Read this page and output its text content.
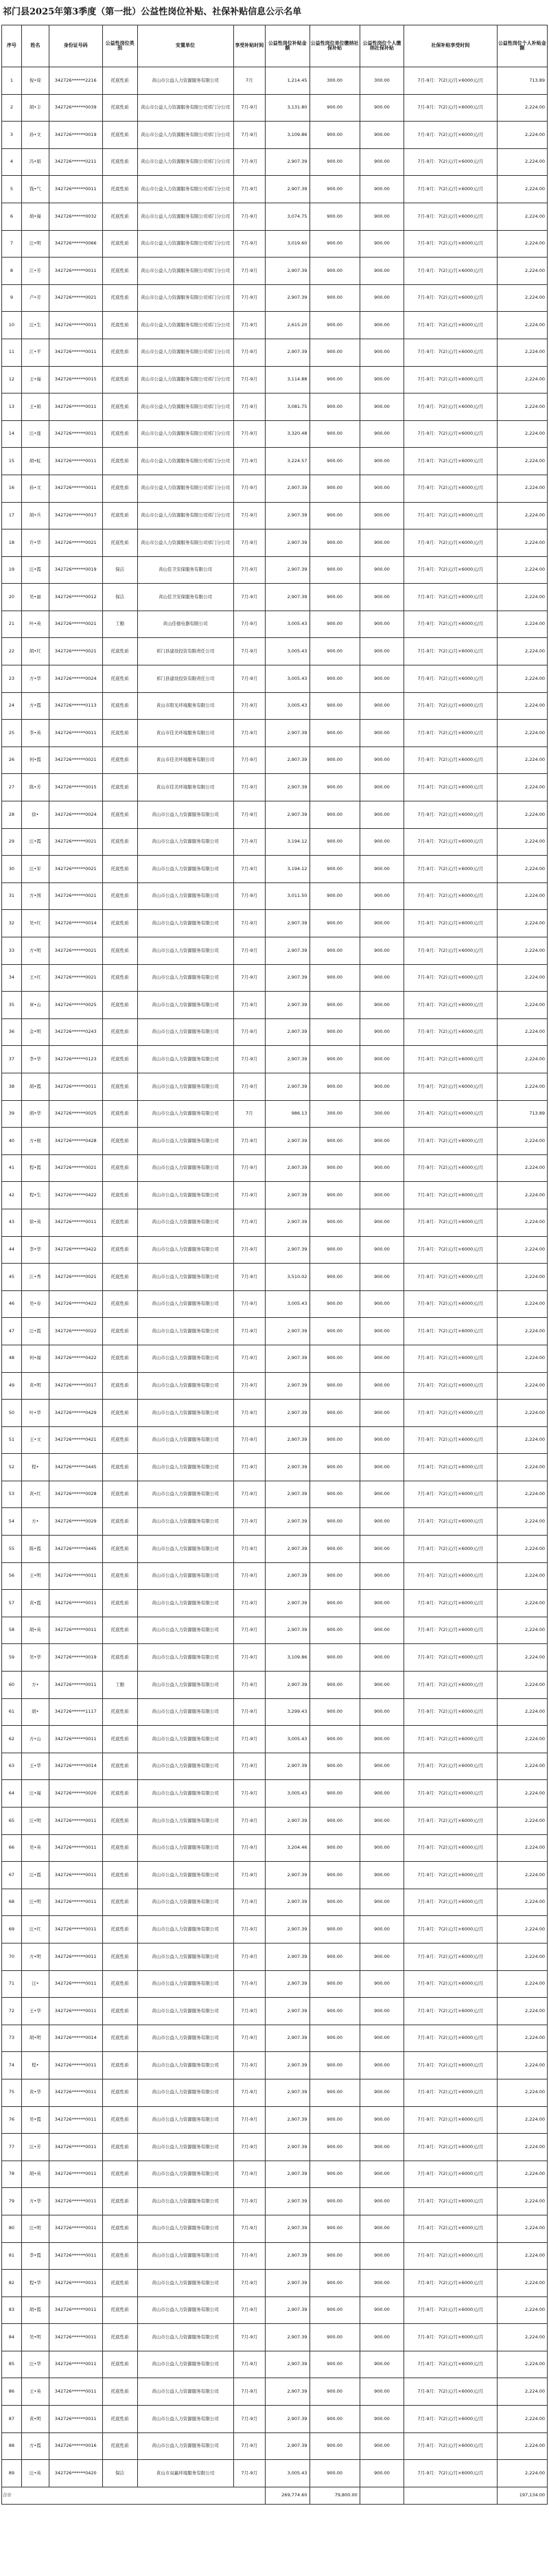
祁门县2025年第3季度（第一批）公益性岗位补贴、社保补贴信息公示名单
序号	姓名	身份证号码	公益性岗位类别	安置单位	享受补贴时间	公益性岗位补贴金额	公益性岗位单位缴纳社保补贴	公益性岗位个人缴纳社保补贴	社保补贴享受时间	公益性岗位个人补贴金额
1	倪•琼	342726******2216	托底性质	黄山市公益人力资源服务有限公司	7月	1,214.45	300.00	300.00	7月-9月：7(2)元/月×6000元/月	713.89
2	胡•丰	342726******0039	托底性质	黄山市公益人力资源服务有限公司祁门分公司	7月-9月	3,131.80	900.00	900.00	7月-9月：7(2)元/月×6000元/月	2,224.00
3	孙•文	342726******0019	托底性质	黄山市公益人力资源服务有限公司祁门分公司	7月-9月	3,109.86	900.00	900.00	7月-9月：7(2)元/月×6000元/月	2,224.00
4	冯•娟	342726******0211	托底性质	黄山市公益人力资源服务有限公司祁门分公司	7月-9月	2,907.39	900.00	900.00	7月-9月：7(2)元/月×6000元/月	2,224.00
5	钱•气	342726******0011	托底性质	黄山市公益人力资源服务有限公司祁门分公司	7月-9月	2,907.39	900.00	900.00	7月-9月：7(2)元/月×6000元/月	2,224.00
6	胡•福	342726******0032	托底性质	黄山市公益人力资源服务有限公司祁门分公司	7月-9月	3,074.75	900.00	900.00	7月-9月：7(2)元/月×6000元/月	2,224.00
7	汪•明	342726******0066	托底性质	黄山市公益人力资源服务有限公司祁门分公司	7月-9月	3,019.60	900.00	900.00	7月-9月：7(2)元/月×6000元/月	2,224.00
8	江•芳	342726******0011	托底性质	黄山市公益人力资源服务有限公司祁门分公司	7月-9月	2,907.39	900.00	900.00	7月-9月：7(2)元/月×6000元/月	2,224.00
9	卢•芳	342726******0021	托底性质	黄山市公益人力资源服务有限公司祁门分公司	7月-9月	2,907.39	900.00	900.00	7月-9月：7(2)元/月×6000元/月	2,224.00
10	汪•生	342726******0011	托底性质	黄山市公益人力资源服务有限公司祁门分公司	7月-9月	2,615.20	900.00	900.00	7月-9月：7(2)元/月×6000元/月	2,224.00
11	江•平	342726******0011	托底性质	黄山市公益人力资源服务有限公司祁门分公司	7月-9月	2,907.39	900.00	900.00	7月-9月：7(2)元/月×6000元/月	2,224.00
12	王•福	342726******0015	托底性质	黄山市公益人力资源服务有限公司祁门分公司	7月-9月	3,114.88	900.00	900.00	7月-9月：7(2)元/月×6000元/月	2,224.00
13	王•娟	342726******0011	托底性质	黄山市公益人力资源服务有限公司祁门分公司	7月-9月	3,081.75	900.00	900.00	7月-9月：7(2)元/月×6000元/月	2,224.00
14	汪•莲	342726******0011	托底性质	黄山市公益人力资源服务有限公司祁门分公司	7月-9月	3,320.48	900.00	900.00	7月-9月：7(2)元/月×6000元/月	2,224.00
15	胡•虹	342726******0011	托底性质	黄山市公益人力资源服务有限公司祁门分公司	7月-9月	3,224.57	900.00	900.00	7月-9月：7(2)元/月×6000元/月	2,224.00
16	孙•文	342726******0011	托底性质	黄山市公益人力资源服务有限公司祁门分公司	7月-9月	2,907.39	900.00	900.00	7月-9月：7(2)元/月×6000元/月	2,224.00
17	胡•兵	342726******0017	托底性质	黄山市公益人力资源服务有限公司祁门分公司	7月-9月	2,907.39	900.00	900.00	7月-9月：7(2)元/月×6000元/月	2,224.00
18	许•华	342726******0021	托底性质	黄山市公益人力资源服务有限公司祁门分公司	7月-9月	2,907.39	900.00	900.00	7月-9月：7(2)元/月×6000元/月	2,224.00
19	汪•霞	342726******0019	保洁	黄山佳卫安保服务有限公司	7月-9月	2,907.39	900.00	900.00	7月-9月：7(2)元/月×6000元/月	2,224.00
20	吴•丽	342726******0012	保洁	黄山佳卫安保服务有限公司	7月-9月	2,907.39	900.00	900.00	7月-9月：7(2)元/月×6000元/月	2,224.00
21	叶•英	342726******0021	工勤	黄山佳德电器有限公司	7月-9月	3,005.43	900.00	900.00	7月-9月：7(2)元/月×6000元/月	2,224.00
22	胡•红	342726******0021	托底性质	祁门县建设投资有限责任公司	7月-9月	3,005.43	900.00	900.00	7月-9月：7(2)元/月×6000元/月	2,224.00
23	方•华	342726******0024	托底性质	祁门县建设投资有限责任公司	7月-9月	3,005.43	900.00	900.00	7月-9月：7(2)元/月×6000元/月	2,224.00
24	方•霞	342726******0113	托底性质	黄山市阳光环境服务有限公司	7月-9月	3,005.43	900.00	900.00	7月-9月：7(2)元/月×6000元/月	2,224.00
25	李•英	342726******0011	托底性质	黄山市佳美环境服务有限公司	7月-9月	2,907.39	900.00	900.00	7月-9月：7(2)元/月×6000元/月	2,224.00
26	何•霞	342726******0021	托底性质	黄山市佳美环境服务有限公司	7月-9月	2,907.39	900.00	900.00	7月-9月：7(2)元/月×6000元/月	2,224.00
27	陈•芳	342726******0015	托底性质	黄山市佳美环境服务有限公司	7月-9月	2,907.39	900.00	900.00	7月-9月：7(2)元/月×6000元/月	2,224.00
28	徐•	342726******0024	托底性质	黄山市公益人力资源服务有限公司	7月-9月	2,907.39	900.00	900.00	7月-9月：7(2)元/月×6000元/月	2,224.00
29	汪•霞	342726******0021	托底性质	黄山市公益人力资源服务有限公司	7月-9月	3,194.12	900.00	900.00	7月-9月：7(2)元/月×6000元/月	2,224.00
30	汪•军	342726******0021	托底性质	黄山市公益人力资源服务有限公司	7月-9月	3,194.12	900.00	900.00	7月-9月：7(2)元/月×6000元/月	2,224.00
31	方•国	342726******0021	托底性质	黄山市公益人力资源服务有限公司	7月-9月	3,011.50	900.00	900.00	7月-9月：7(2)元/月×6000元/月	2,224.00
32	吴•红	342726******0014	托底性质	黄山市公益人力资源服务有限公司	7月-9月	2,907.39	900.00	900.00	7月-9月：7(2)元/月×6000元/月	2,224.00
33	方•明	342726******0021	托底性质	黄山市公益人力资源服务有限公司	7月-9月	2,907.39	900.00	900.00	7月-9月：7(2)元/月×6000元/月	2,224.00
34	王•红	342726******0021	托底性质	黄山市公益人力资源服务有限公司	7月-9月	2,907.39	900.00	900.00	7月-9月：7(2)元/月×6000元/月	2,224.00
35	章•山	342726******0025	托底性质	黄山市公益人力资源服务有限公司	7月-9月	2,907.39	900.00	900.00	7月-9月：7(2)元/月×6000元/月	2,224.00
36	金•明	342726******0243	托底性质	黄山市公益人力资源服务有限公司	7月-9月	2,907.39	900.00	900.00	7月-9月：7(2)元/月×6000元/月	2,224.00
37	李•华	342726******0123	托底性质	黄山市公益人力资源服务有限公司	7月-9月	2,907.39	900.00	900.00	7月-9月：7(2)元/月×6000元/月	2,224.00
38	胡•霞	342726******0011	托底性质	黄山市公益人力资源服务有限公司	7月-9月	2,907.39	900.00	900.00	7月-9月：7(2)元/月×6000元/月	2,224.00
39	胡•华	342726******0025	托底性质	黄山市公益人力资源服务有限公司	7月	986.13	300.00	300.00	7月-8月：7(2)元/月×6000元/月	713.89
40	方•根	342726******0428	托底性质	黄山市公益人力资源服务有限公司	7月-9月	2,907.39	900.00	900.00	7月-9月：7(2)元/月×6000元/月	2,224.00
41	程•霞	342726******0021	托底性质	黄山市公益人力资源服务有限公司	7月-9月	2,907.39	900.00	900.00	7月-9月：7(2)元/月×6000元/月	2,224.00
42	程•生	342726******0422	托底性质	黄山市公益人力资源服务有限公司	7月-9月	2,907.39	900.00	900.00	7月-9月：7(2)元/月×6000元/月	2,224.00
43	徐•英	342726******0011	托底性质	黄山市公益人力资源服务有限公司	7月-9月	2,907.39	900.00	900.00	7月-9月：7(2)元/月×6000元/月	2,224.00
44	李•华	342726******0422	托底性质	黄山市公益人力资源服务有限公司	7月-9月	2,907.39	900.00	900.00	7月-9月：7(2)元/月×6000元/月	2,224.00
45	江•秀	342726******0021	托底性质	黄山市公益人力资源服务有限公司	7月-9月	3,510.02	900.00	900.00	7月-9月：7(2)元/月×6000元/月	2,224.00
46	吴•春	342726******0422	托底性质	黄山市公益人力资源服务有限公司	7月-9月	3,005.43	900.00	900.00	7月-9月：7(2)元/月×6000元/月	2,224.00
47	汪•霞	342726******0022	托底性质	黄山市公益人力资源服务有限公司	7月-9月	2,907.39	900.00	900.00	7月-9月：7(2)元/月×6000元/月	2,224.00
48	何•福	342726******0422	托底性质	黄山市公益人力资源服务有限公司	7月-9月	2,907.39	900.00	900.00	7月-9月：7(2)元/月×6000元/月	2,224.00
49	黄•明	342726******0017	托底性质	黄山市公益人力资源服务有限公司	7月-9月	2,907.39	900.00	900.00	7月-9月：7(2)元/月×6000元/月	2,224.00
50	叶•华	342726******0429	托底性质	黄山市公益人力资源服务有限公司	7月-9月	2,907.39	900.00	900.00	7月-9月：7(2)元/月×6000元/月	2,224.00
51	王•文	342726******0421	托底性质	黄山市公益人力资源服务有限公司	7月-9月	2,907.39	900.00	900.00	7月-9月：7(2)元/月×6000元/月	2,224.00
52	程•	342726******0445	托底性质	黄山市公益人力资源服务有限公司	7月-9月	2,907.39	900.00	900.00	7月-9月：7(2)元/月×6000元/月	2,224.00
53	黄•红	342726******0028	托底性质	黄山市公益人力资源服务有限公司	7月-9月	2,907.39	900.00	900.00	7月-9月：7(2)元/月×6000元/月	2,224.00
54	方•	342726******0029	托底性质	黄山市公益人力资源服务有限公司	7月-9月	2,907.39	900.00	900.00	7月-9月：7(2)元/月×6000元/月	2,224.00
55	陈•霞	342726******0445	托底性质	黄山市公益人力资源服务有限公司	7月-9月	2,907.39	900.00	900.00	7月-9月：7(2)元/月×6000元/月	2,224.00
56	王•明	342726******0011	托底性质	黄山市公益人力资源服务有限公司	7月-9月	2,907.39	900.00	900.00	7月-9月：7(2)元/月×6000元/月	2,224.00
57	黄•霞	342726******0011	托底性质	黄山市公益人力资源服务有限公司	7月-9月	2,907.39	900.00	900.00	7月-9月：7(2)元/月×6000元/月	2,224.00
58	胡•英	342726******0011	托底性质	黄山市公益人力资源服务有限公司	7月-9月	2,907.39	900.00	900.00	7月-9月：7(2)元/月×6000元/月	2,224.00
59	吴•华	342726******0019	托底性质	黄山市公益人力资源服务有限公司	7月-9月	3,109.86	900.00	900.00	7月-9月：7(2)元/月×6000元/月	2,224.00
60	方•	342726******0011	工勤	黄山市公益人力资源服务有限公司	7月-9月	2,907.39	900.00	900.00	7月-9月：7(2)元/月×6000元/月	2,224.00
61	胡•	342726******1117	托底性质	黄山市公益人力资源服务有限公司	7月-9月	3,299.43	900.00	900.00	7月-9月：7(2)元/月×6000元/月	2,224.00
62	方•山	342726******0011	托底性质	黄山市公益人力资源服务有限公司	7月-9月	3,005.43	900.00	900.00	7月-9月：7(2)元/月×6000元/月	2,224.00
63	王•华	342726******0014	托底性质	黄山市公益人力资源服务有限公司	7月-9月	2,907.39	900.00	900.00	7月-9月：7(2)元/月×6000元/月	2,224.00
64	汪•福	342726******0020	托底性质	黄山市公益人力资源服务有限公司	7月-9月	3,005.43	900.00	900.00	7月-9月：7(2)元/月×6000元/月	2,224.00
65	汪•明	342726******0011	托底性质	黄山市公益人力资源服务有限公司	7月-9月	2,907.39	900.00	900.00	7月-9月：7(2)元/月×6000元/月	2,224.00
66	吴•英	342726******0011	托底性质	黄山市公益人力资源服务有限公司	7月-9月	3,204.46	900.00	900.00	7月-9月：7(2)元/月×6000元/月	2,224.00
67	汪•霞	342726******0011	托底性质	黄山市公益人力资源服务有限公司	7月-9月	2,907.39	900.00	900.00	7月-9月：7(2)元/月×6000元/月	2,224.00
68	汪•明	342726******0011	托底性质	黄山市公益人力资源服务有限公司	7月-9月	2,907.39	900.00	900.00	7月-9月：7(2)元/月×6000元/月	2,224.00
69	汪•红	342726******0011	托底性质	黄山市公益人力资源服务有限公司	7月-9月	2,907.39	900.00	900.00	7月-9月：7(2)元/月×6000元/月	2,224.00
70	方•明	342726******0011	托底性质	黄山市公益人力资源服务有限公司	7月-9月	2,907.39	900.00	900.00	7月-9月：7(2)元/月×6000元/月	2,224.00
71	汪•	342726******0011	托底性质	黄山市公益人力资源服务有限公司	7月-9月	2,907.39	900.00	900.00	7月-9月：7(2)元/月×6000元/月	2,224.00
72	王•华	342726******0011	托底性质	黄山市公益人力资源服务有限公司	7月-9月	2,907.39	900.00	900.00	7月-9月：7(2)元/月×6000元/月	2,224.00
73	胡•明	342726******0014	托底性质	黄山市公益人力资源服务有限公司	7月-9月	2,907.39	900.00	900.00	7月-9月：7(2)元/月×6000元/月	2,224.00
74	程•	342726******0011	托底性质	黄山市公益人力资源服务有限公司	7月-9月	2,907.39	900.00	900.00	7月-9月：7(2)元/月×6000元/月	2,224.00
75	黄•华	342726******0011	托底性质	黄山市公益人力资源服务有限公司	7月-9月	2,907.39	900.00	900.00	7月-9月：7(2)元/月×6000元/月	2,224.00
76	吴•霞	342726******0011	托底性质	黄山市公益人力资源服务有限公司	7月-9月	2,907.39	900.00	900.00	7月-9月：7(2)元/月×6000元/月	2,224.00
77	汪•芳	342726******0011	托底性质	黄山市公益人力资源服务有限公司	7月-9月	2,907.39	900.00	900.00	7月-9月：7(2)元/月×6000元/月	2,224.00
78	胡•英	342726******0011	托底性质	黄山市公益人力资源服务有限公司	7月-9月	2,907.39	900.00	900.00	7月-9月：7(2)元/月×6000元/月	2,224.00
79	方•华	342726******0011	托底性质	黄山市公益人力资源服务有限公司	7月-9月	2,907.39	900.00	900.00	7月-9月：7(2)元/月×6000元/月	2,224.00
80	汪•明	342726******0011	托底性质	黄山市公益人力资源服务有限公司	7月-9月	2,907.39	900.00	900.00	7月-9月：7(2)元/月×6000元/月	2,224.00
81	李•霞	342726******0011	托底性质	黄山市公益人力资源服务有限公司	7月-9月	2,907.39	900.00	900.00	7月-9月：7(2)元/月×6000元/月	2,224.00
82	程•华	342726******0011	托底性质	黄山市公益人力资源服务有限公司	7月-9月	2,907.39	900.00	900.00	7月-9月：7(2)元/月×6000元/月	2,224.00
83	胡•霞	342726******0011	托底性质	黄山市公益人力资源服务有限公司	7月-9月	2,907.39	900.00	900.00	7月-9月：7(2)元/月×6000元/月	2,224.00
84	吴•明	342726******0011	托底性质	黄山市公益人力资源服务有限公司	7月-9月	2,907.39	900.00	900.00	7月-9月：7(2)元/月×6000元/月	2,224.00
85	汪•华	342726******0011	托底性质	黄山市公益人力资源服务有限公司	7月-9月	2,907.39	900.00	900.00	7月-9月：7(2)元/月×6000元/月	2,224.00
86	王•英	342726******0011	托底性质	黄山市公益人力资源服务有限公司	7月-9月	2,907.39	900.00	900.00	7月-9月：7(2)元/月×6000元/月	2,224.00
87	黄•明	342726******0011	托底性质	黄山市公益人力资源服务有限公司	7月-9月	2,907.39	900.00	900.00	7月-9月：7(2)元/月×6000元/月	2,224.00
88	方•霞	342726******0016	托底性质	黄山市公益人力资源服务有限公司	7月-9月	2,907.39	900.00	900.00	7月-9月：7(2)元/月×6000元/月	2,224.00
89	汪•英	342726******0420	保洁	黄山市双赢环境服务有限公司	7月-9月	3,005.43	900.00	900.00	7月-9月：7(2)元/月×6000元/月	2,224.00
合计						269,774.60	79,800.00			197,134.00
